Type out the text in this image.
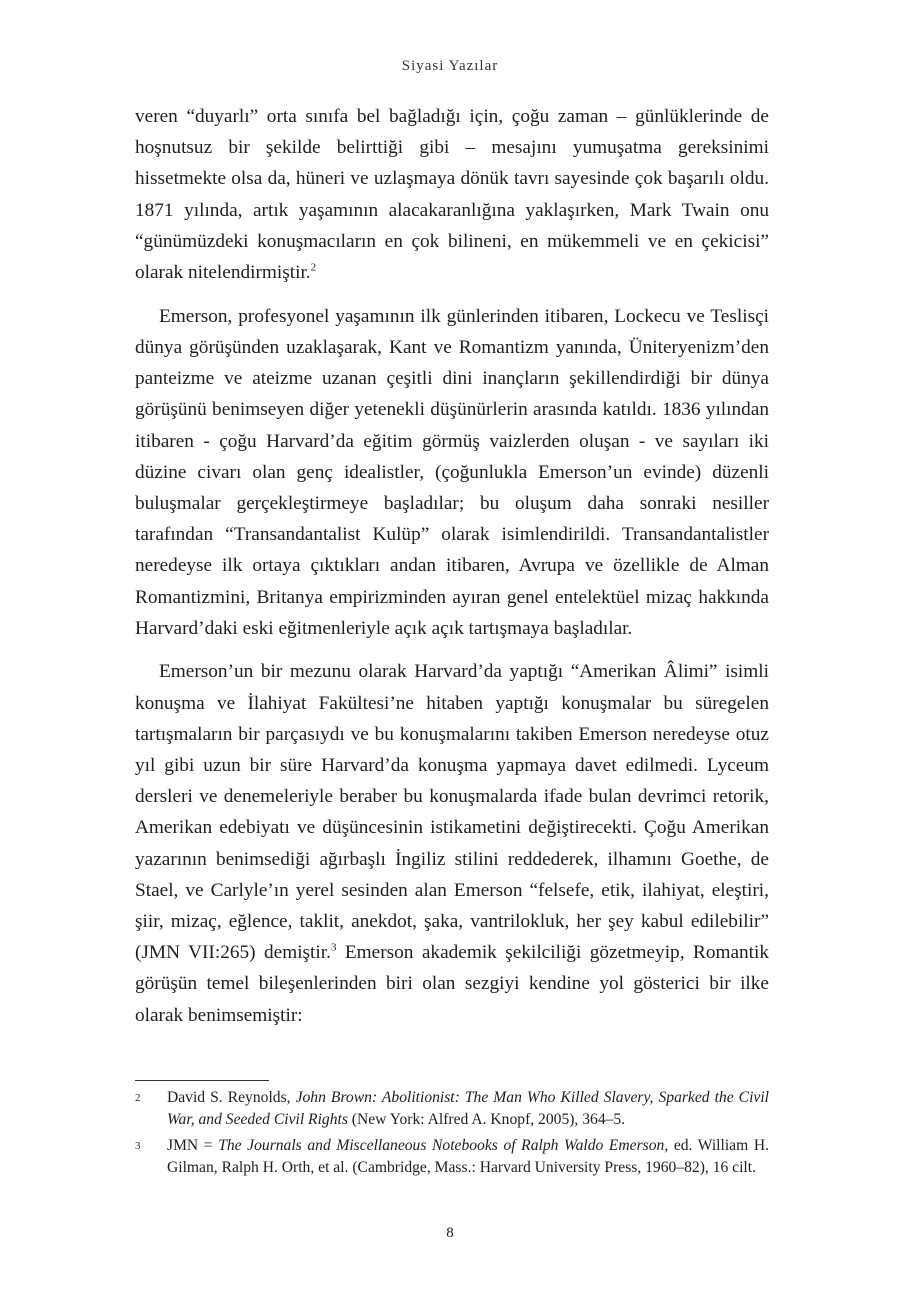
Siyasi Yazılar

veren “duyarlı” orta sınıfa bel bağladığı için, çoğu zaman – günlüklerinde de hoşnutsuz bir şekilde belirttiği gibi – mesajını yumuşatma gereksinimi hissetmekte olsa da, hüneri ve uzlaşmaya dönük tavrı sayesinde çok başarılı oldu. 1871 yılında, artık yaşamının alacakaranlığına yaklaşırken, Mark Twain onu “günümüzdeki konuşmacıların en çok bilineni, en mükemmeli ve en çekicisi” olarak nitelendirmiştir.$^2$

Emerson, profesyonel yaşamının ilk günlerinden itibaren, Lockecu ve Teslisçi dünya görüşünden uzaklaşarak, Kant ve Romantizm yanında, Üniteryenizm’den panteizme ve ateizme uzanan çeşitli dini inançların şekillendirdiği bir dünya görüşünü benimseyen diğer yetenekli düşünürlerin arasında katıldı. 1836 yılından itibaren - çoğu Harvard’da eğitim görmüş vaizlerden oluşan - ve sayıları iki düzine civarı olan genç idealistler, (çoğunlukla Emerson’un evinde) düzenli buluşmalar gerçekleştirmeye başladılar; bu oluşum daha sonraki nesiller tarafından “Transandantalist Kulüp” olarak isimlendirildi. Transandantalistler neredeyse ilk ortaya çıktıkları andan itibaren, Avrupa ve özellikle de Alman Romantizmini, Britanya empirizminden ayıran genel entelektüel mizaç hakkında Harvard’daki eski eğitmenleriyle açık açık tartışmaya başladılar.

Emerson’un bir mezunu olarak Harvard’da yaptığı “Amerikan Âlimi” isimli konuşma ve İlahiyat Fakültesi’ne hitaben yaptığı konuşmalar bu süregelen tartışmaların bir parçasıydı ve bu konuşmalarını takiben Emerson neredeyse otuz yıl gibi uzun bir süre Harvard’da konuşma yapmaya davet edilmedi. Lyceum dersleri ve denemeleriyle beraber bu konuşmalarda ifade bulan devrimci retorik, Amerikan edebiyatı ve düşüncesinin istikametini değiştirecekti. Çoğu Amerikan yazarının benimsediği ağırbaşlı İngiliz stilini reddederek, ilhamını Goethe, de Stael, ve Carlyle’ın yerel sesinden alan Emerson “felsefe, etik, ilahiyat, eleştiri, şiir, mizaç, eğlence, taklit, anekdot, şaka, vantrilokluk, her şey kabul edilebilir” (JMN VII:265) demiştir.$^3$ Emerson akademik şekilciliği gözetmeyip, Romantik görüşün temel bileşenlerinden biri olan sezgiyi kendine yol gösterici bir ilke olarak benimsemiştir:

2 David S. Reynolds, John Brown: Abolitionist: The Man Who Killed Slavery, Sparked the Civil War, and Seeded Civil Rights (New York: Alfred A. Knopf, 2005), 364–5.
3 JMN = The Journals and Miscellaneous Notebooks of Ralph Waldo Emerson, ed. William H. Gilman, Ralph H. Orth, et al. (Cambridge, Mass.: Harvard University Press, 1960–82), 16 cilt.
8
